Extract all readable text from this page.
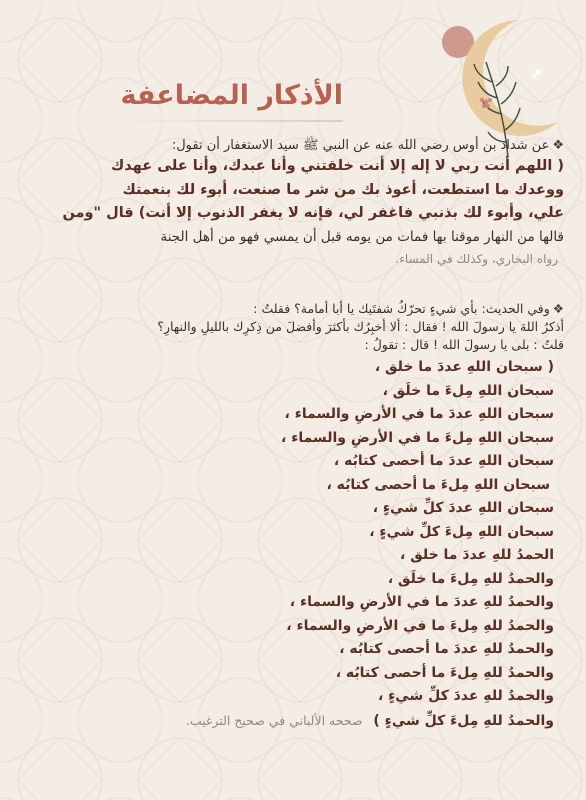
الأذكار المضاعفة
❖عن شداد بن أوس رضي الله عنه عن النبي ﷺ سيد الاستغفار أن تقول:
( اللهم أنت ربي لا إله إلا أنت خلقتني وأنا عبدك، وأنا على عهدك
ووعدك ما استطعت، أعوذ بك من شر ما صنعت، أبوء لك بنعمتك
علي، وأبوء لك بذنبي فاغفر لي، فإنه لا يغفر الذنوب إلا أنت) قال "ومن
قالها من النهار موقنا بها فمات من يومه قبل أن يمسي فهو من أهل الجنة
رواه البخاري، وكذلك في المساء.
❖وفي الحديث: بأي شيءٍ تحرّكُ شفتَيك يا أبا أمامة؟ فقلتُ :
أذكرُ اللهَ يا رسولَ الله ! فقال : ألا أُخبِرُك بأكثرَ وأفضلَ من ذِكرِك بالليلِ والنهارِ؟
قلتُ : بلى يا رسولَ الله ! قال : تقولُ :
( سبحان اللهِ عددَ ما خلق ،
سبحان اللهِ مِلءَ ما خلَق ،
سبحان اللهِ عددَ ما في الأرضِ والسماء ،
سبحان اللهِ مِلءَ ما في الأرضِ والسماء ،
سبحان اللهِ عددَ ما أحصى كتابُه ،
سبحان اللهِ مِلءَ ما أحصى كتابُه ،
سبحان اللهِ عددَ كلِّ شيءٍ ،
سبحان اللهِ مِلءَ كلِّ شيءٍ ،
الحمدُ للهِ عددَ ما خلق ،
والحمدُ للهِ مِلءَ ما خلَق ،
والحمدُ للهِ عددَ ما في الأرضِ والسماء ،
والحمدُ للهِ مِلءَ ما في الأرضِ والسماء ،
والحمدُ للهِ عددَ ما أحصى كتابُه ،
والحمدُ للهِ مِلءَ ما أحصى كتابُه ،
والحمدُ للهِ عددَ كلِّ شيءٍ ،
والحمدُ للهِ مِلءَ كلِّ شيءٍ ) صححه الألباني في صحيح الترغيب.
